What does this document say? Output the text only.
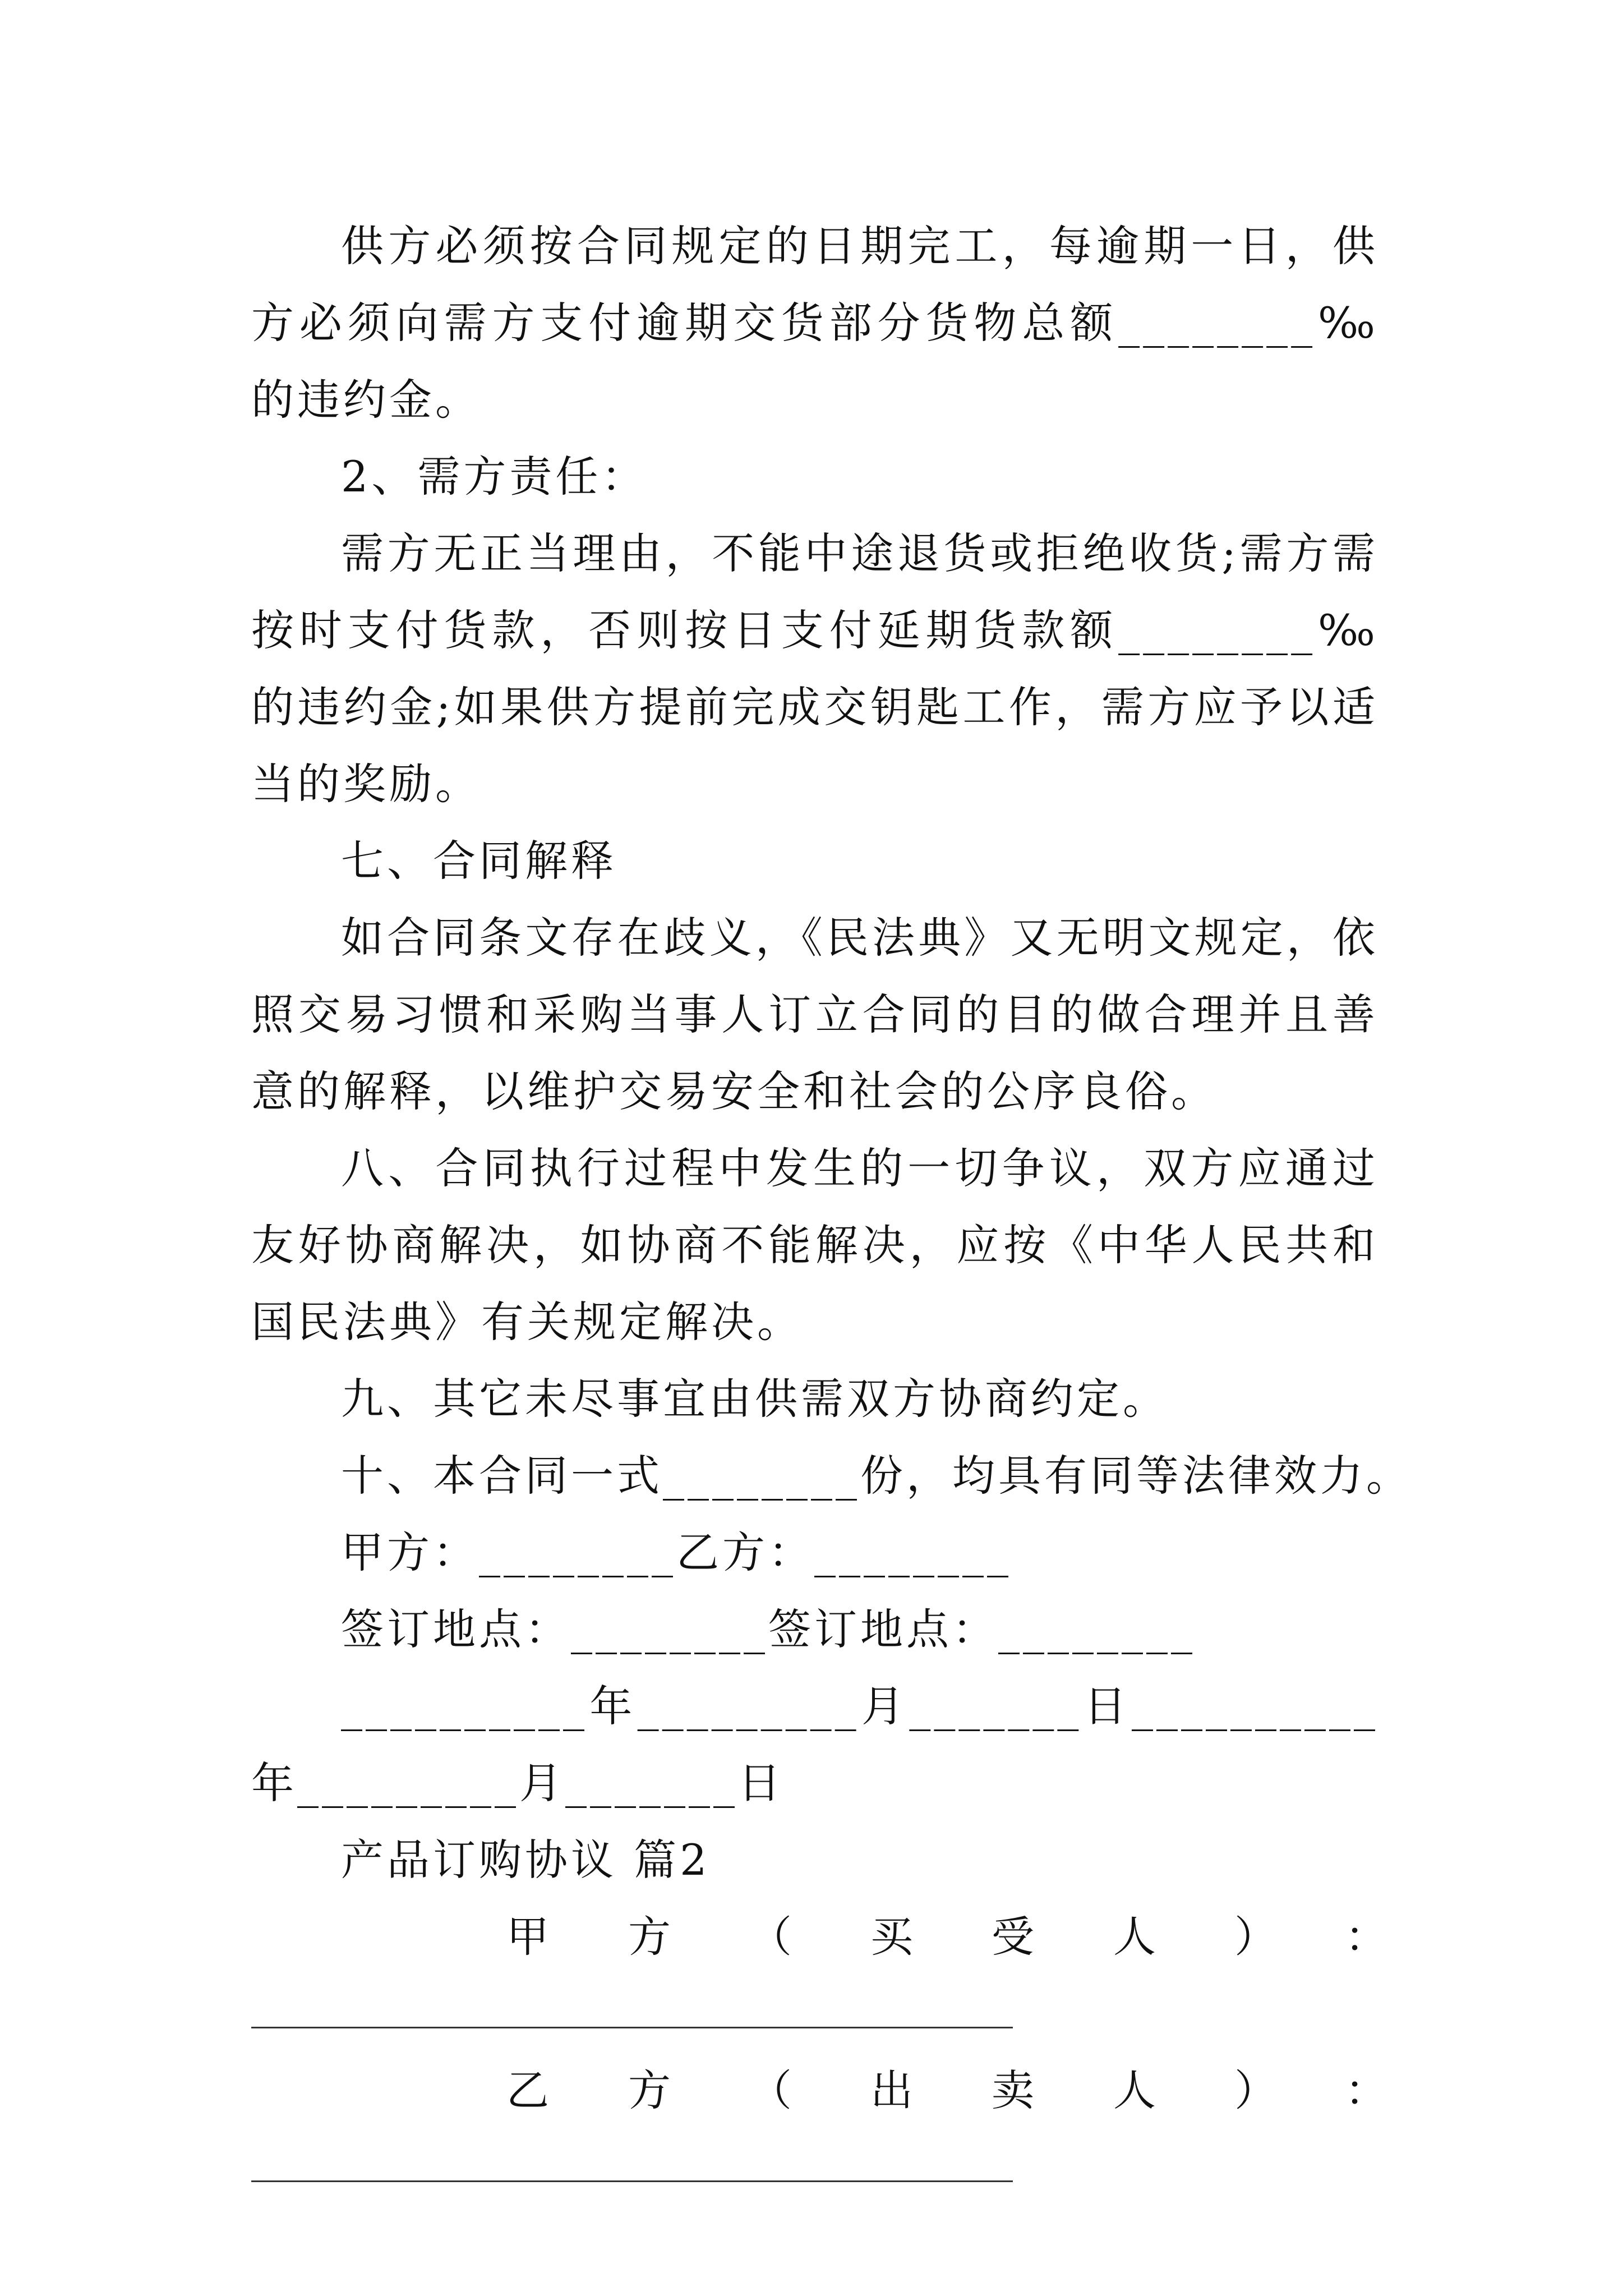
供方必须按合同规定的日期完工，每逾期一日，供方必须向需方支付逾期交货部分货物总额________‰的违约金。

2、需方责任：

需方无正当理由，不能中途退货或拒绝收货;需方需按时支付货款，否则按日支付延期货款额________‰的违约金;如果供方提前完成交钥匙工作，需方应予以适当的奖励。

七、合同解释

如合同条文存在歧义，《民法典》又无明文规定，依照交易习惯和采购当事人订立合同的目的做合理并且善意的解释，以维护交易安全和社会的公序良俗。

八、合同执行过程中发生的一切争议，双方应通过友好协商解决，如协商不能解决，应按《中华人民共和国民法典》有关规定解决。

九、其它未尽事宜由供需双方协商约定。

十、本合同一式________份，均具有同等法律效力。

甲方：________乙方：________

签订地点：________签订地点：________

__________年_________月_______日__________年_________月_______日

产品订购协议 篇2

甲 方 （ 买 受 人 ） ：
乙 方 （ 出 卖 人 ） ：
